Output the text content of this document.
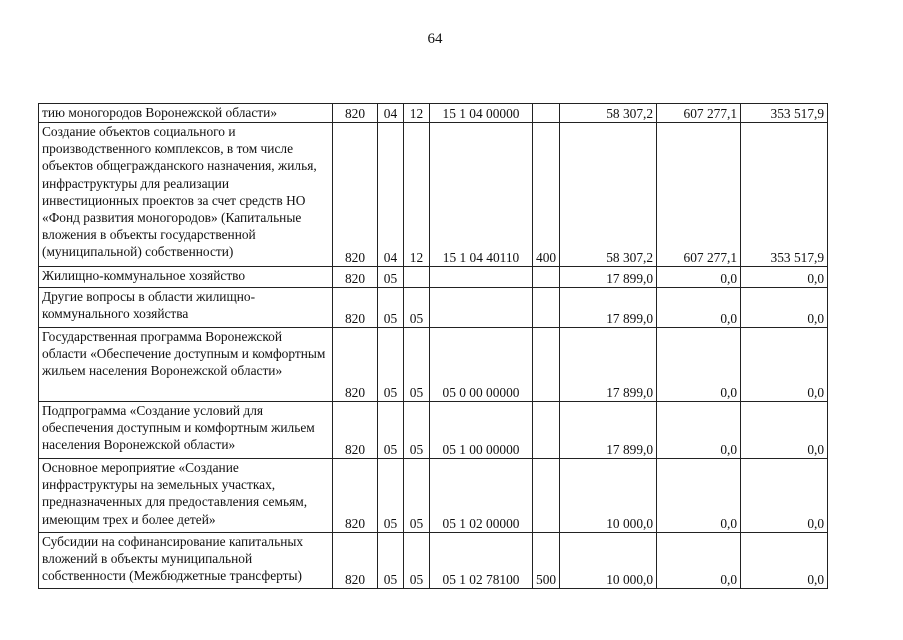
64
тию моногородов Воронежской области»	820	04	12	15 1 04 00000		58 307,2	607 277,1	353 517,9
Создание объектов социального и производственного комплексов, в том числе объектов общегражданского назначения, жилья, инфраструктуры для реализации инвестиционных проектов за счет средств НО «Фонд развития моногородов» (Капитальные вложения в объекты государственной (муниципальной) собственности)	820	04	12	15 1 04 40110	400	58 307,2	607 277,1	353 517,9
Жилищно-коммунальное хозяйство	820	05				17 899,0	0,0	0,0
Другие вопросы в области жилищно-коммунального хозяйства	820	05	05			17 899,0	0,0	0,0
Государственная программа Воронежской области «Обеспечение доступным и комфортным жильем населения Воронежской области»	820	05	05	05 0 00 00000		17 899,0	0,0	0,0
Подпрограмма «Создание условий для обеспечения доступным и комфортным жильем населения Воронежской области»	820	05	05	05 1 00 00000		17 899,0	0,0	0,0
Основное мероприятие «Создание инфраструктуры на земельных участках, предназначенных для предоставления семьям, имеющим трех и более детей»	820	05	05	05 1 02 00000		10 000,0	0,0	0,0
Субсидии на софинансирование капитальных вложений в объекты муниципальной собственности (Межбюджетные трансферты)	820	05	05	05 1 02 78100	500	10 000,0	0,0	0,0
